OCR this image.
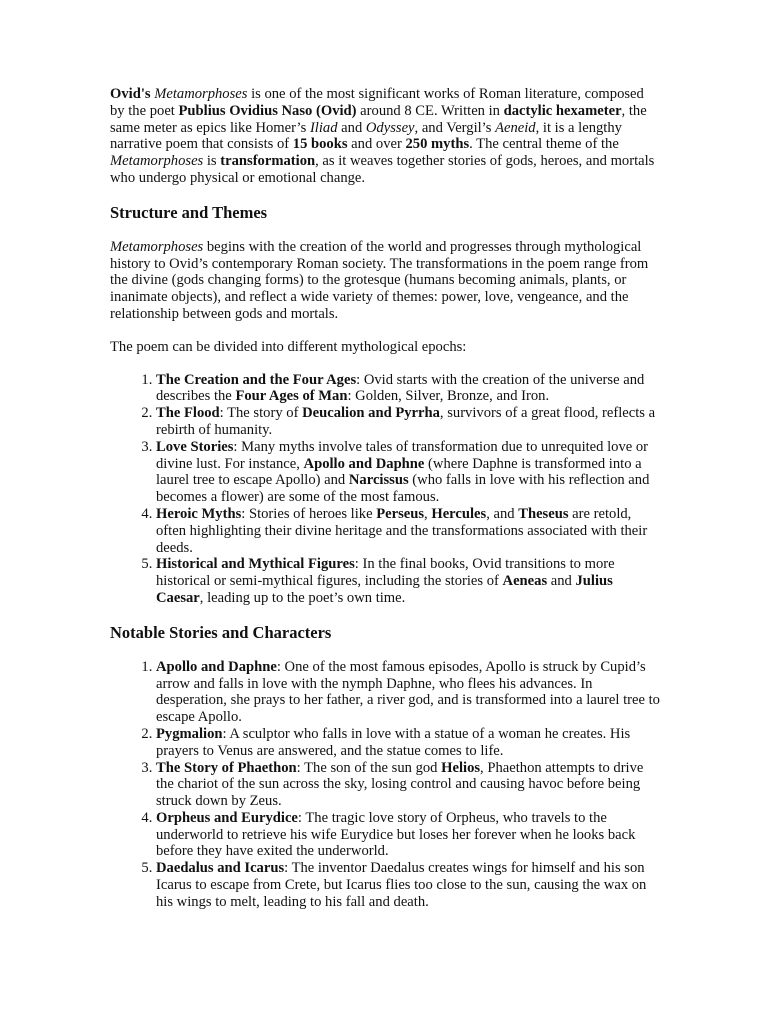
Ovid's Metamorphoses is one of the most significant works of Roman literature, composed by the poet Publius Ovidius Naso (Ovid) around 8 CE. Written in dactylic hexameter, the same meter as epics like Homer’s Iliad and Odyssey, and Vergil’s Aeneid, it is a lengthy narrative poem that consists of 15 books and over 250 myths. The central theme of the Metamorphoses is transformation, as it weaves together stories of gods, heroes, and mortals who undergo physical or emotional change.

Structure and Themes

Metamorphoses begins with the creation of the world and progresses through mythological history to Ovid’s contemporary Roman society. The transformations in the poem range from the divine (gods changing forms) to the grotesque (humans becoming animals, plants, or inanimate objects), and reflect a wide variety of themes: power, love, vengeance, and the relationship between gods and mortals.

The poem can be divided into different mythological epochs:

1. The Creation and the Four Ages: Ovid starts with the creation of the universe and describes the Four Ages of Man: Golden, Silver, Bronze, and Iron.
2. The Flood: The story of Deucalion and Pyrrha, survivors of a great flood, reflects a rebirth of humanity.
3. Love Stories: Many myths involve tales of transformation due to unrequited love or divine lust. For instance, Apollo and Daphne (where Daphne is transformed into a laurel tree to escape Apollo) and Narcissus (who falls in love with his reflection and becomes a flower) are some of the most famous.
4. Heroic Myths: Stories of heroes like Perseus, Hercules, and Theseus are retold, often highlighting their divine heritage and the transformations associated with their deeds.
5. Historical and Mythical Figures: In the final books, Ovid transitions to more historical or semi-mythical figures, including the stories of Aeneas and Julius Caesar, leading up to the poet’s own time.
Notable Stories and Characters
1. Apollo and Daphne: One of the most famous episodes, Apollo is struck by Cupid’s arrow and falls in love with the nymph Daphne, who flees his advances. In desperation, she prays to her father, a river god, and is transformed into a laurel tree to escape Apollo.
2. Pygmalion: A sculptor who falls in love with a statue of a woman he creates. His prayers to Venus are answered, and the statue comes to life.
3. The Story of Phaethon: The son of the sun god Helios, Phaethon attempts to drive the chariot of the sun across the sky, losing control and causing havoc before being struck down by Zeus.
4. Orpheus and Eurydice: The tragic love story of Orpheus, who travels to the underworld to retrieve his wife Eurydice but loses her forever when he looks back before they have exited the underworld.
5. Daedalus and Icarus: The inventor Daedalus creates wings for himself and his son Icarus to escape from Crete, but Icarus flies too close to the sun, causing the wax on his wings to melt, leading to his fall and death.
